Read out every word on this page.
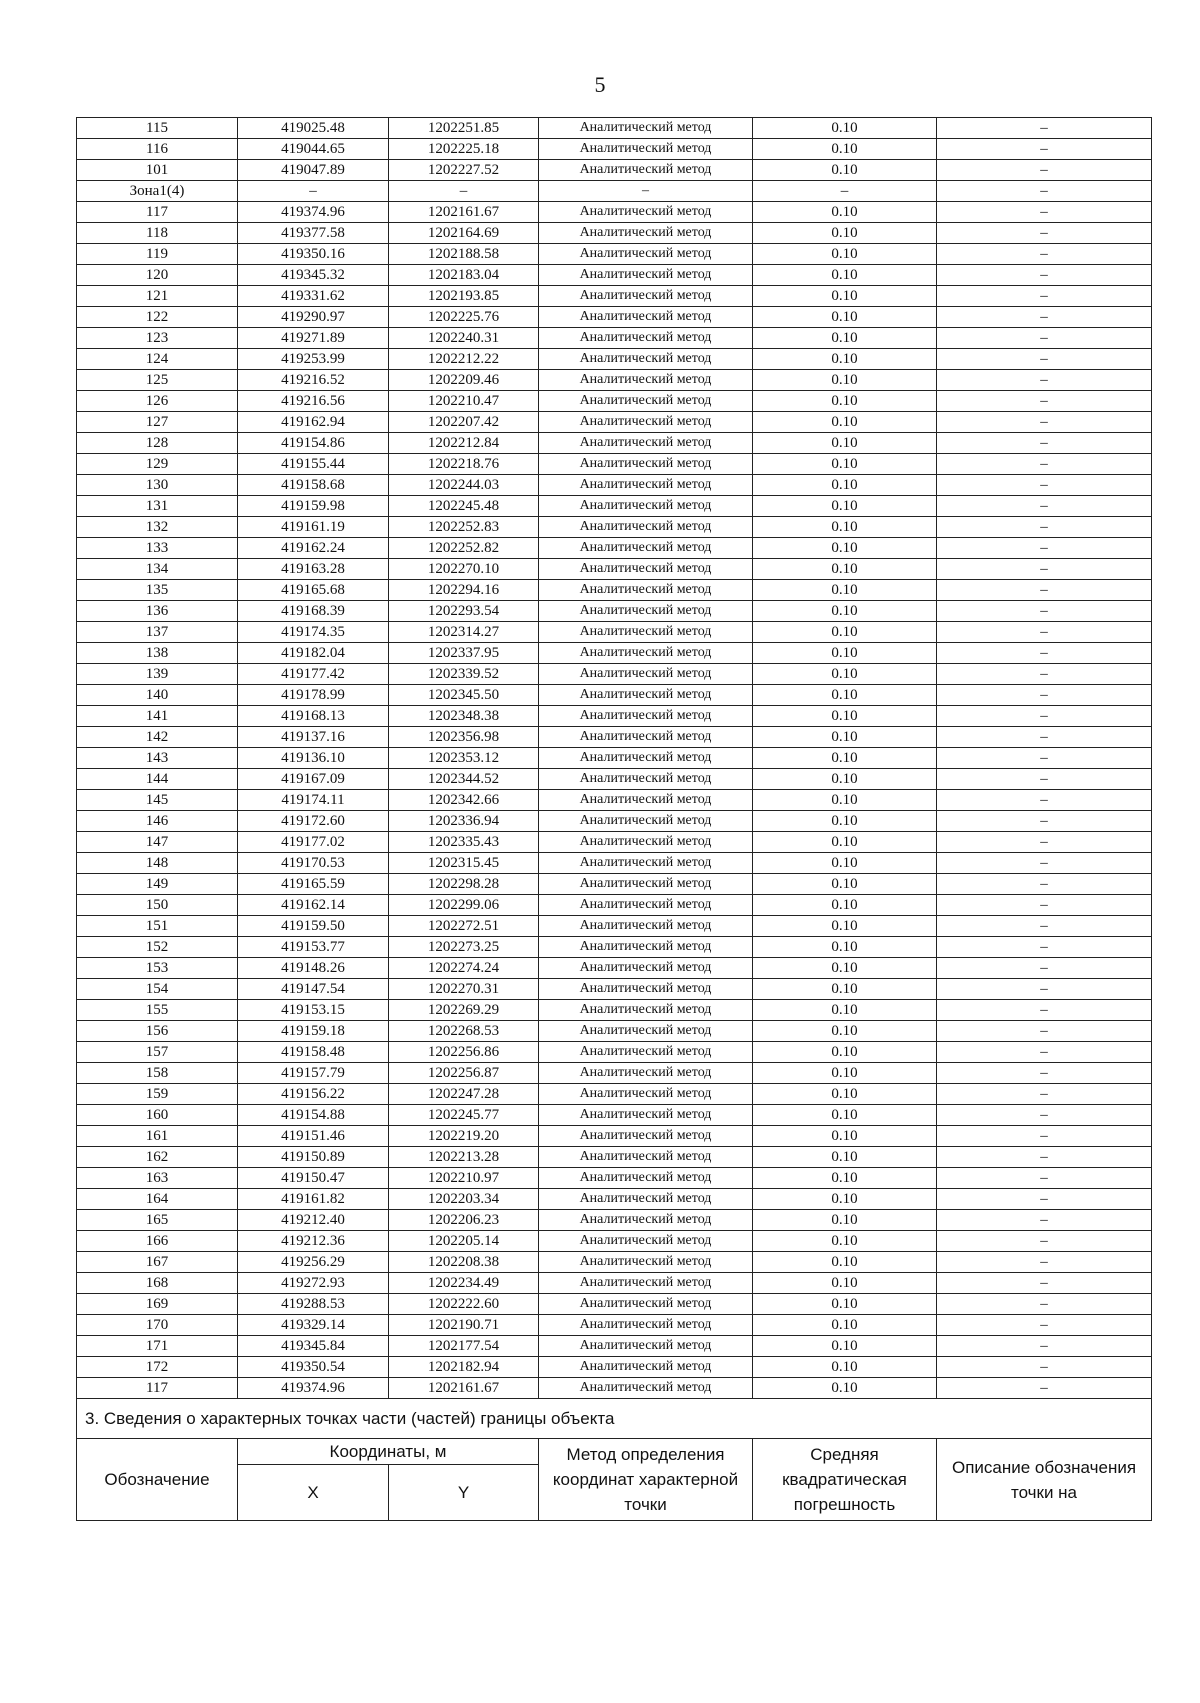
5
115	419025.48	1202251.85	Аналитический метод	0.10	–
116	419044.65	1202225.18	Аналитический метод	0.10	–
101	419047.89	1202227.52	Аналитический метод	0.10	–
Зона1(4)	–	–	–	–	–
117	419374.96	1202161.67	Аналитический метод	0.10	–
118	419377.58	1202164.69	Аналитический метод	0.10	–
119	419350.16	1202188.58	Аналитический метод	0.10	–
120	419345.32	1202183.04	Аналитический метод	0.10	–
121	419331.62	1202193.85	Аналитический метод	0.10	–
122	419290.97	1202225.76	Аналитический метод	0.10	–
123	419271.89	1202240.31	Аналитический метод	0.10	–
124	419253.99	1202212.22	Аналитический метод	0.10	–
125	419216.52	1202209.46	Аналитический метод	0.10	–
126	419216.56	1202210.47	Аналитический метод	0.10	–
127	419162.94	1202207.42	Аналитический метод	0.10	–
128	419154.86	1202212.84	Аналитический метод	0.10	–
129	419155.44	1202218.76	Аналитический метод	0.10	–
130	419158.68	1202244.03	Аналитический метод	0.10	–
131	419159.98	1202245.48	Аналитический метод	0.10	–
132	419161.19	1202252.83	Аналитический метод	0.10	–
133	419162.24	1202252.82	Аналитический метод	0.10	–
134	419163.28	1202270.10	Аналитический метод	0.10	–
135	419165.68	1202294.16	Аналитический метод	0.10	–
136	419168.39	1202293.54	Аналитический метод	0.10	–
137	419174.35	1202314.27	Аналитический метод	0.10	–
138	419182.04	1202337.95	Аналитический метод	0.10	–
139	419177.42	1202339.52	Аналитический метод	0.10	–
140	419178.99	1202345.50	Аналитический метод	0.10	–
141	419168.13	1202348.38	Аналитический метод	0.10	–
142	419137.16	1202356.98	Аналитический метод	0.10	–
143	419136.10	1202353.12	Аналитический метод	0.10	–
144	419167.09	1202344.52	Аналитический метод	0.10	–
145	419174.11	1202342.66	Аналитический метод	0.10	–
146	419172.60	1202336.94	Аналитический метод	0.10	–
147	419177.02	1202335.43	Аналитический метод	0.10	–
148	419170.53	1202315.45	Аналитический метод	0.10	–
149	419165.59	1202298.28	Аналитический метод	0.10	–
150	419162.14	1202299.06	Аналитический метод	0.10	–
151	419159.50	1202272.51	Аналитический метод	0.10	–
152	419153.77	1202273.25	Аналитический метод	0.10	–
153	419148.26	1202274.24	Аналитический метод	0.10	–
154	419147.54	1202270.31	Аналитический метод	0.10	–
155	419153.15	1202269.29	Аналитический метод	0.10	–
156	419159.18	1202268.53	Аналитический метод	0.10	–
157	419158.48	1202256.86	Аналитический метод	0.10	–
158	419157.79	1202256.87	Аналитический метод	0.10	–
159	419156.22	1202247.28	Аналитический метод	0.10	–
160	419154.88	1202245.77	Аналитический метод	0.10	–
161	419151.46	1202219.20	Аналитический метод	0.10	–
162	419150.89	1202213.28	Аналитический метод	0.10	–
163	419150.47	1202210.97	Аналитический метод	0.10	–
164	419161.82	1202203.34	Аналитический метод	0.10	–
165	419212.40	1202206.23	Аналитический метод	0.10	–
166	419212.36	1202205.14	Аналитический метод	0.10	–
167	419256.29	1202208.38	Аналитический метод	0.10	–
168	419272.93	1202234.49	Аналитический метод	0.10	–
169	419288.53	1202222.60	Аналитический метод	0.10	–
170	419329.14	1202190.71	Аналитический метод	0.10	–
171	419345.84	1202177.54	Аналитический метод	0.10	–
172	419350.54	1202182.94	Аналитический метод	0.10	–
117	419374.96	1202161.67	Аналитический метод	0.10	–
3. Сведения о характерных точках части (частей) границы объекта					
Обозначение	Координаты, м		Метод определения координат характерной точки	Средняя квадратическая погрешность	Описание обозначения точки на
	X	Y			
